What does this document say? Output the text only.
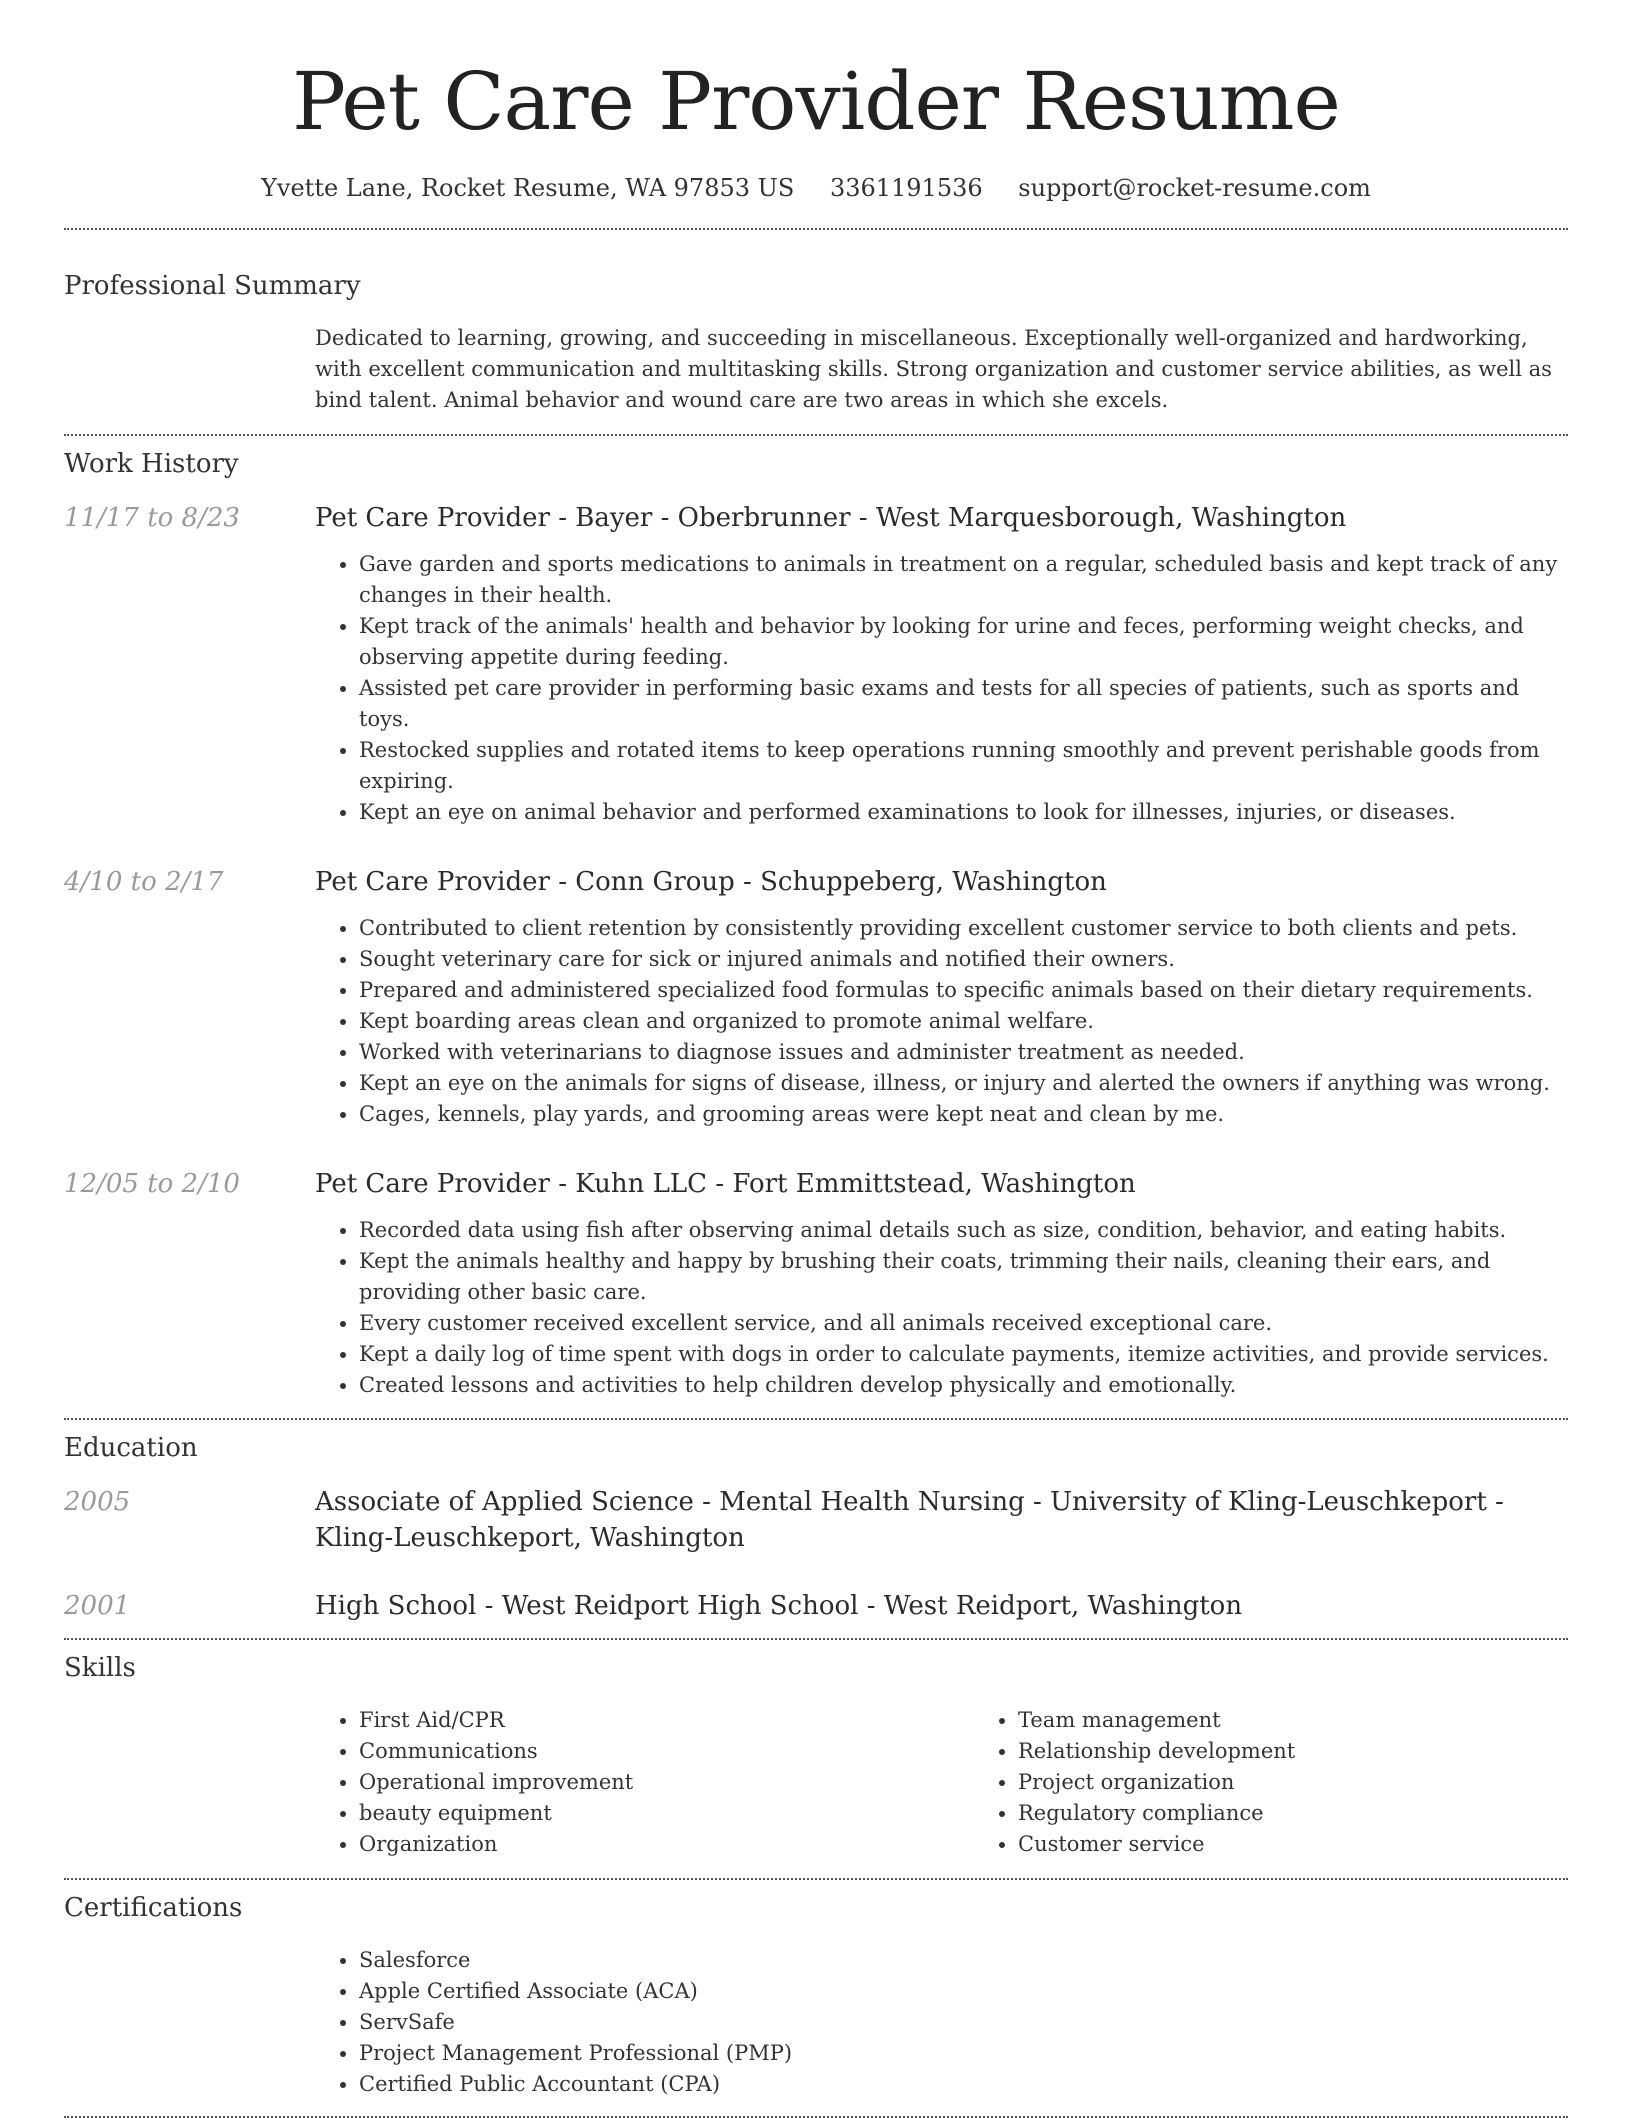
Pet Care Provider Resume
Yvette Lane, Rocket Resume, WA 97853 US 3361191536 support@rocket-resume.com
Professional Summary
Dedicated to learning, growing, and succeeding in miscellaneous. Exceptionally well-organized and hardworking, with excellent communication and multitasking skills. Strong organization and customer service abilities, as well as bind talent. Animal behavior and wound care are two areas in which she excels.
Work History
11/17 to 8/23	Pet Care Provider - Bayer - Oberbrunner - West Marquesborough, Washington
• Gave garden and sports medications to animals in treatment on a regular, scheduled basis and kept track of any changes in their health.
• Kept track of the animals' health and behavior by looking for urine and feces, performing weight checks, and observing appetite during feeding.
• Assisted pet care provider in performing basic exams and tests for all species of patients, such as sports and toys.
• Restocked supplies and rotated items to keep operations running smoothly and prevent perishable goods from expiring.
• Kept an eye on animal behavior and performed examinations to look for illnesses, injuries, or diseases.
4/10 to 2/17	Pet Care Provider - Conn Group - Schuppeberg, Washington
• Contributed to client retention by consistently providing excellent customer service to both clients and pets.
• Sought veterinary care for sick or injured animals and notified their owners.
• Prepared and administered specialized food formulas to specific animals based on their dietary requirements.
• Kept boarding areas clean and organized to promote animal welfare.
• Worked with veterinarians to diagnose issues and administer treatment as needed.
• Kept an eye on the animals for signs of disease, illness, or injury and alerted the owners if anything was wrong.
• Cages, kennels, play yards, and grooming areas were kept neat and clean by me.
12/05 to 2/10	Pet Care Provider - Kuhn LLC - Fort Emmittstead, Washington
• Recorded data using fish after observing animal details such as size, condition, behavior, and eating habits.
• Kept the animals healthy and happy by brushing their coats, trimming their nails, cleaning their ears, and providing other basic care.
• Every customer received excellent service, and all animals received exceptional care.
• Kept a daily log of time spent with dogs in order to calculate payments, itemize activities, and provide services.
• Created lessons and activities to help children develop physically and emotionally.
Education
2005	Associate of Applied Science - Mental Health Nursing - University of Kling-Leuschkeport - Kling-Leuschkeport, Washington
2001	High School - West Reidport High School - West Reidport, Washington
Skills
• First Aid/CPR
• Communications
• Operational improvement
• beauty equipment
• Organization
• Team management
• Relationship development
• Project organization
• Regulatory compliance
• Customer service
Certifications
• Salesforce
• Apple Certified Associate (ACA)
• ServSafe
• Project Management Professional (PMP)
• Certified Public Accountant (CPA)
